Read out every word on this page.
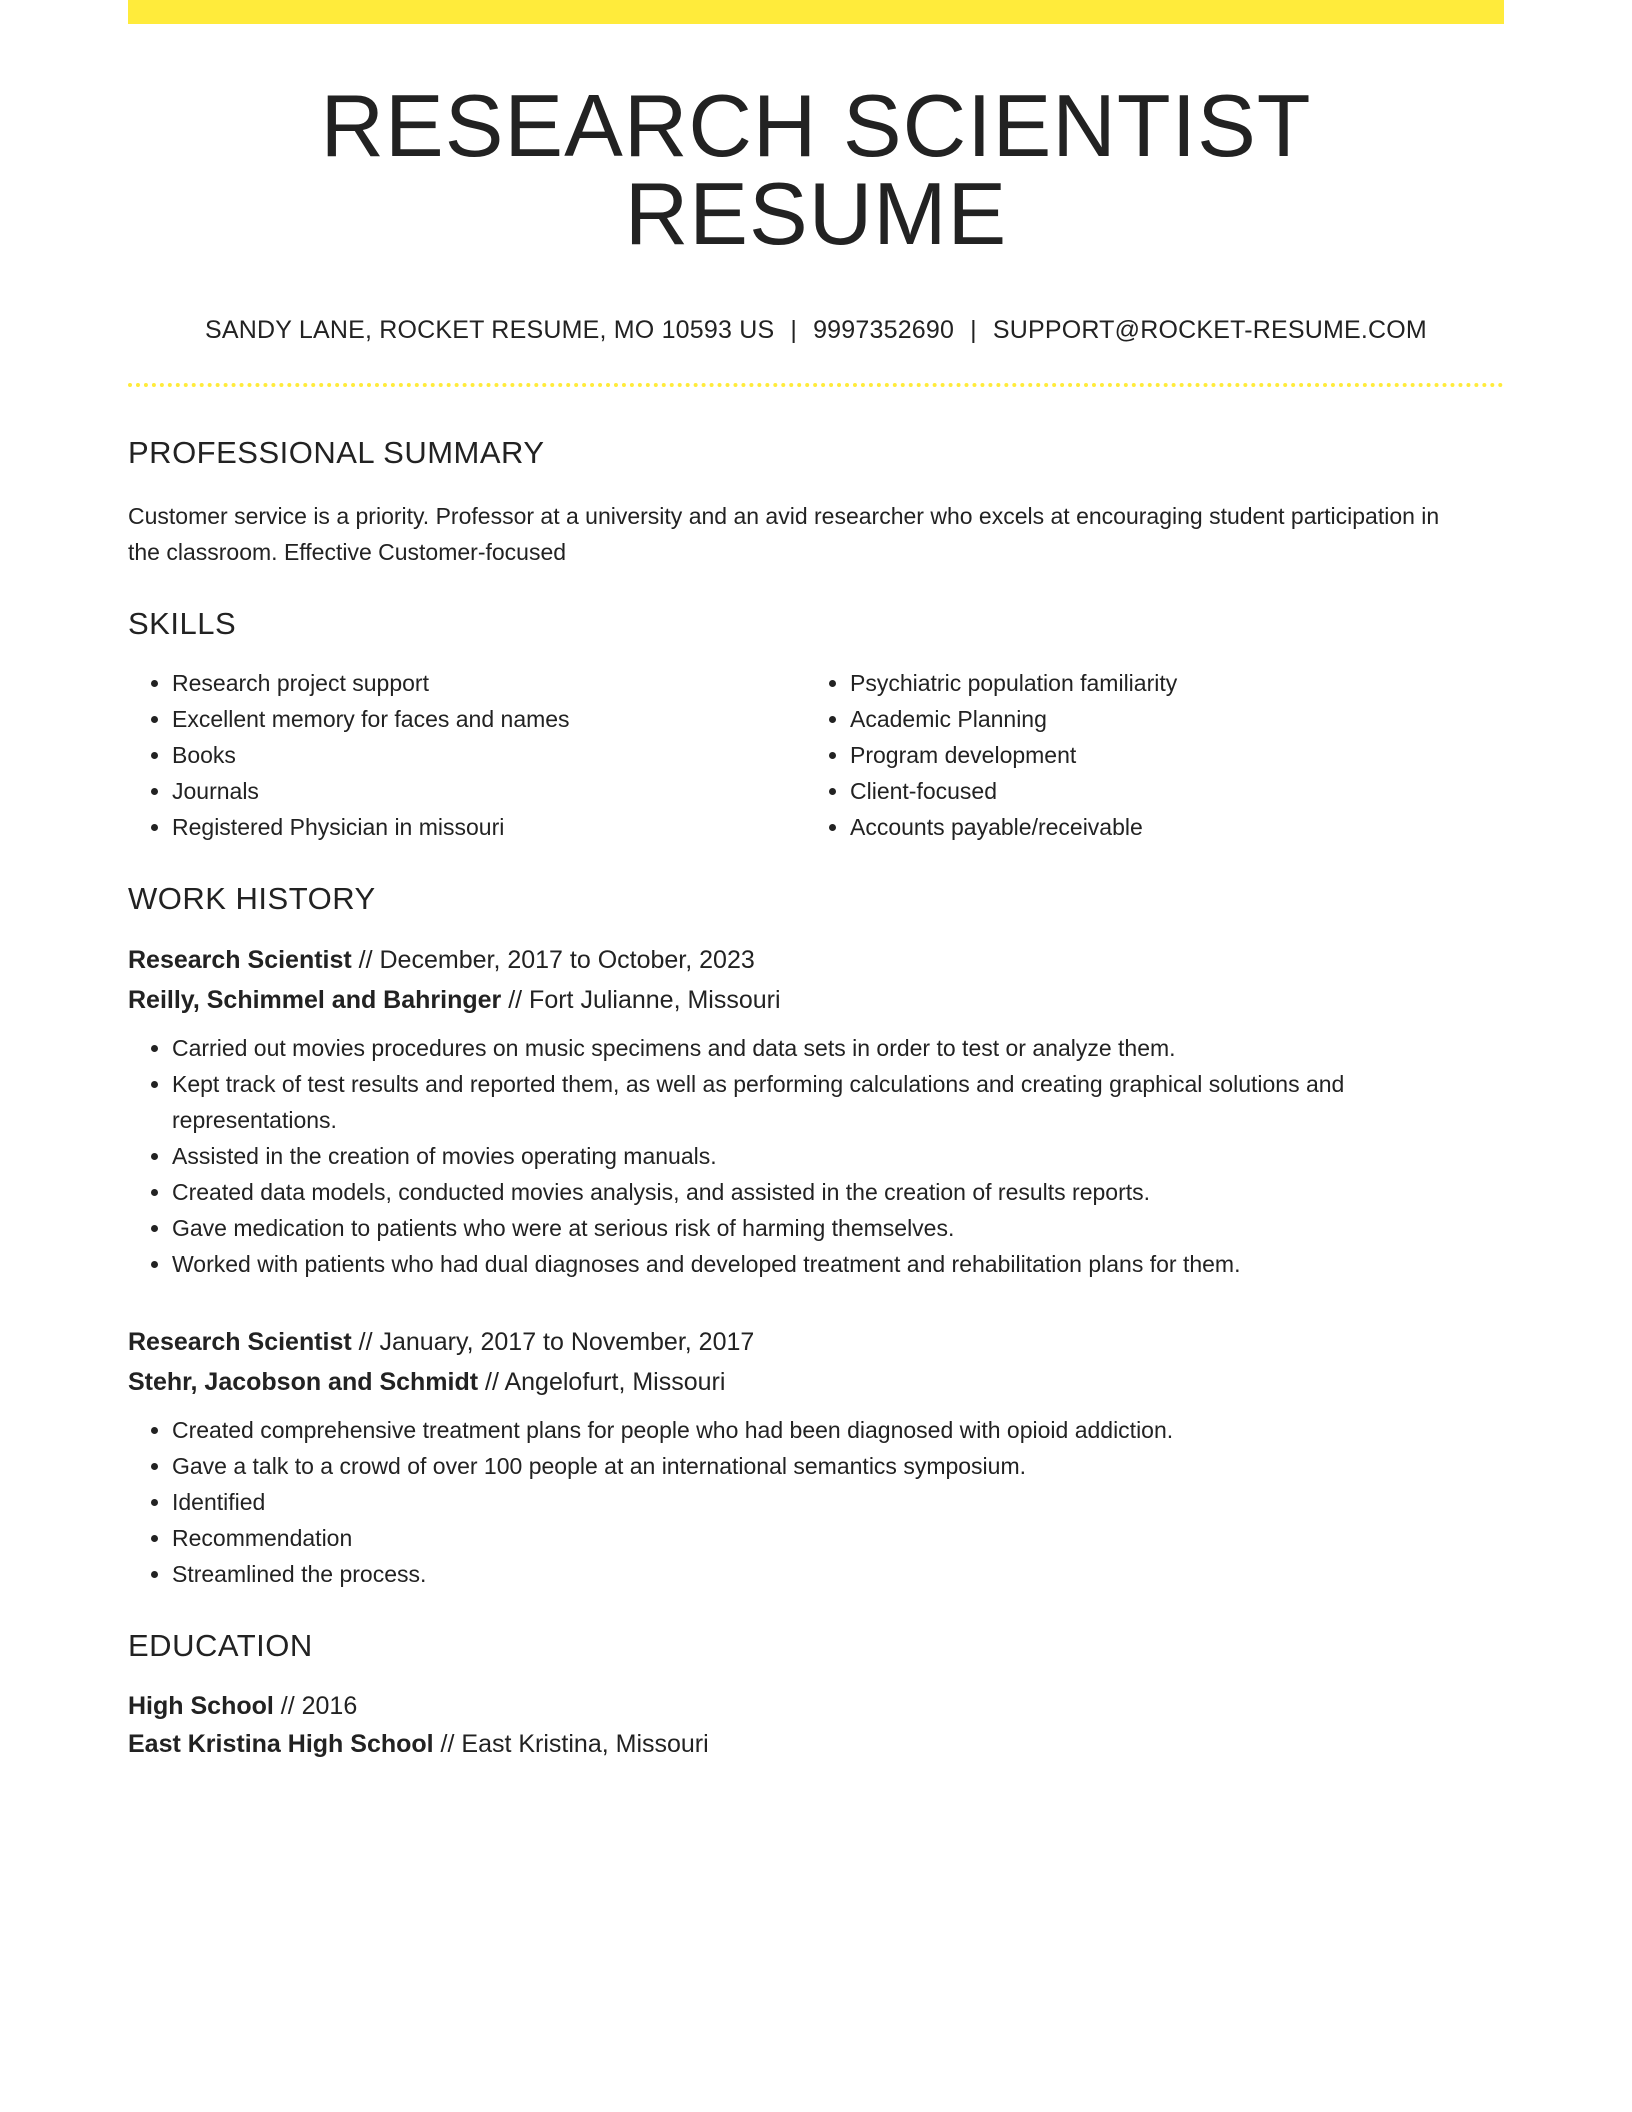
RESEARCH SCIENTIST RESUME
SANDY LANE, ROCKET RESUME, MO 10593 US | 9997352690 | SUPPORT@ROCKET-RESUME.COM
PROFESSIONAL SUMMARY
Customer service is a priority. Professor at a university and an avid researcher who excels at encouraging student participation in the classroom. Effective Customer-focused
SKILLS
• Research project support
• Excellent memory for faces and names
• Books
• Journals
• Registered Physician in missouri
• Psychiatric population familiarity
• Academic Planning
• Program development
• Client-focused
• Accounts payable/receivable
WORK HISTORY
Research Scientist // December, 2017 to October, 2023
Reilly, Schimmel and Bahringer // Fort Julianne, Missouri
• Carried out movies procedures on music specimens and data sets in order to test or analyze them.
• Kept track of test results and reported them, as well as performing calculations and creating graphical solutions and representations.
• Assisted in the creation of movies operating manuals.
• Created data models, conducted movies analysis, and assisted in the creation of results reports.
• Gave medication to patients who were at serious risk of harming themselves.
• Worked with patients who had dual diagnoses and developed treatment and rehabilitation plans for them.
Research Scientist // January, 2017 to November, 2017
Stehr, Jacobson and Schmidt // Angelofurt, Missouri
• Created comprehensive treatment plans for people who had been diagnosed with opioid addiction.
• Gave a talk to a crowd of over 100 people at an international semantics symposium.
• Identified
• Recommendation
• Streamlined the process.
EDUCATION
High School // 2016
East Kristina High School // East Kristina, Missouri
